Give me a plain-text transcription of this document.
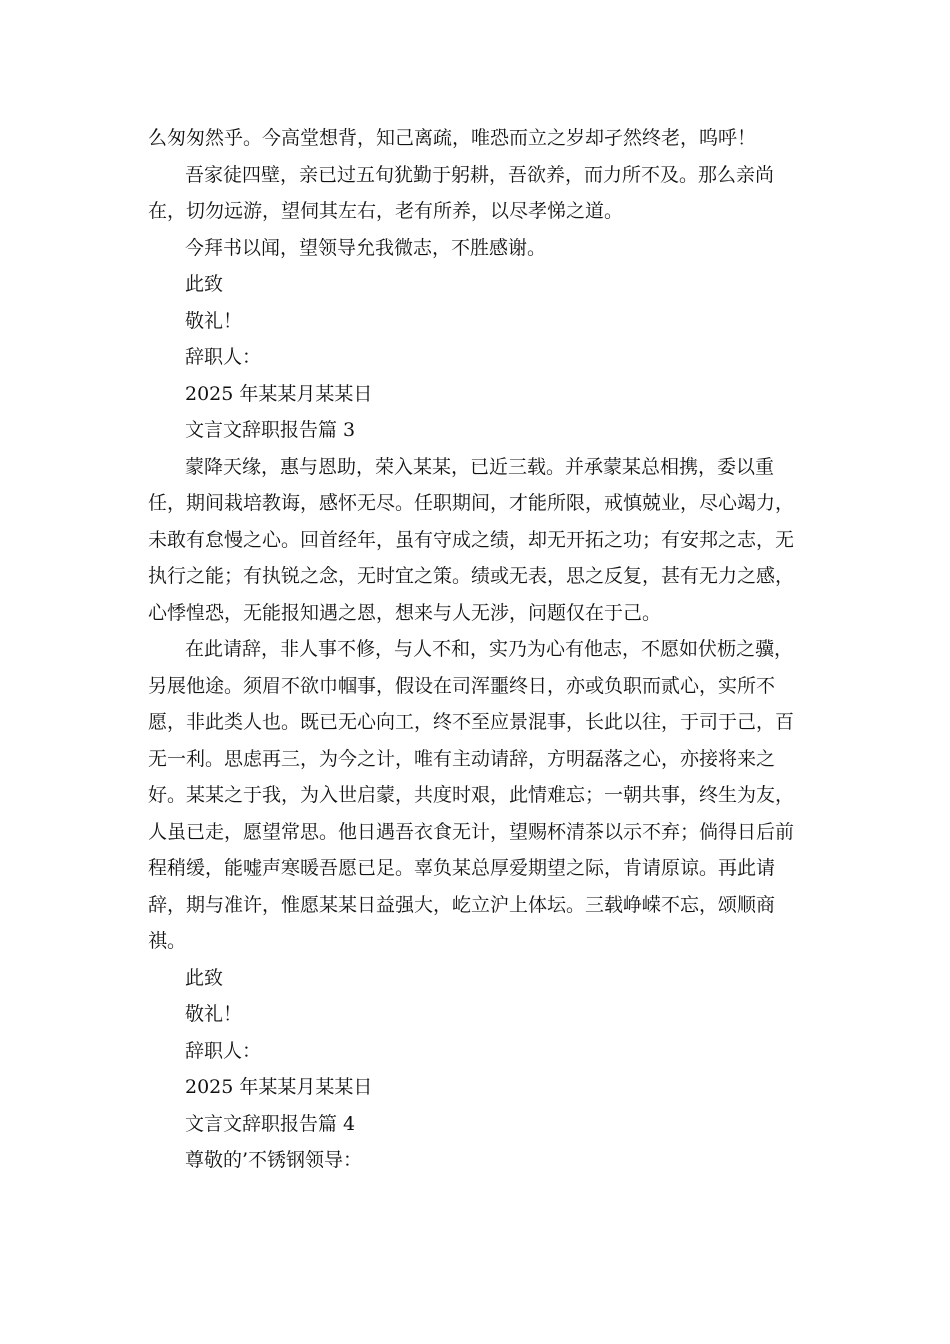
么匆匆然乎。今高堂想背，知己离疏，唯恐而立之岁却孑然终老，呜呼！
吾家徒四壁，亲已过五旬犹勤于躬耕，吾欲养，而力所不及。那么亲尚
在，切勿远游，望伺其左右，老有所养，以尽孝悌之道。
今拜书以闻，望领导允我微志，不胜感谢。
此致
敬礼！
辞职人：
2025 年某某月某某日
文言文辞职报告篇 3
蒙降天缘，惠与恩助，荣入某某，已近三载。并承蒙某总相携，委以重
任，期间栽培教诲，感怀无尽。任职期间，才能所限，戒慎兢业，尽心竭力，
未敢有怠慢之心。回首经年，虽有守成之绩，却无开拓之功；有安邦之志，无
执行之能；有执锐之念，无时宜之策。绩或无表，思之反复，甚有无力之感，
心悸惶恐，无能报知遇之恩，想来与人无涉，问题仅在于己。
在此请辞，非人事不修，与人不和，实乃为心有他志，不愿如伏枥之骥，
另展他途。须眉不欲巾帼事，假设在司浑噩终日，亦或负职而贰心，实所不
愿，非此类人也。既已无心向工，终不至应景混事，长此以往，于司于己，百
无一利。思虑再三，为今之计，唯有主动请辞，方明磊落之心，亦接将来之
好。某某之于我，为入世启蒙，共度时艰，此情难忘；一朝共事，终生为友，
人虽已走，愿望常思。他日遇吾衣食无计，望赐杯清茶以示不弃；倘得日后前
程稍缓，能嘘声寒暖吾愿已足。辜负某总厚爱期望之际，肯请原谅。再此请
辞，期与准许，惟愿某某日益强大，屹立沪上体坛。三载峥嵘不忘，颂顺商
祺。
此致
敬礼！
辞职人：
2025 年某某月某某日
文言文辞职报告篇 4
尊敬的’不锈钢领导：
